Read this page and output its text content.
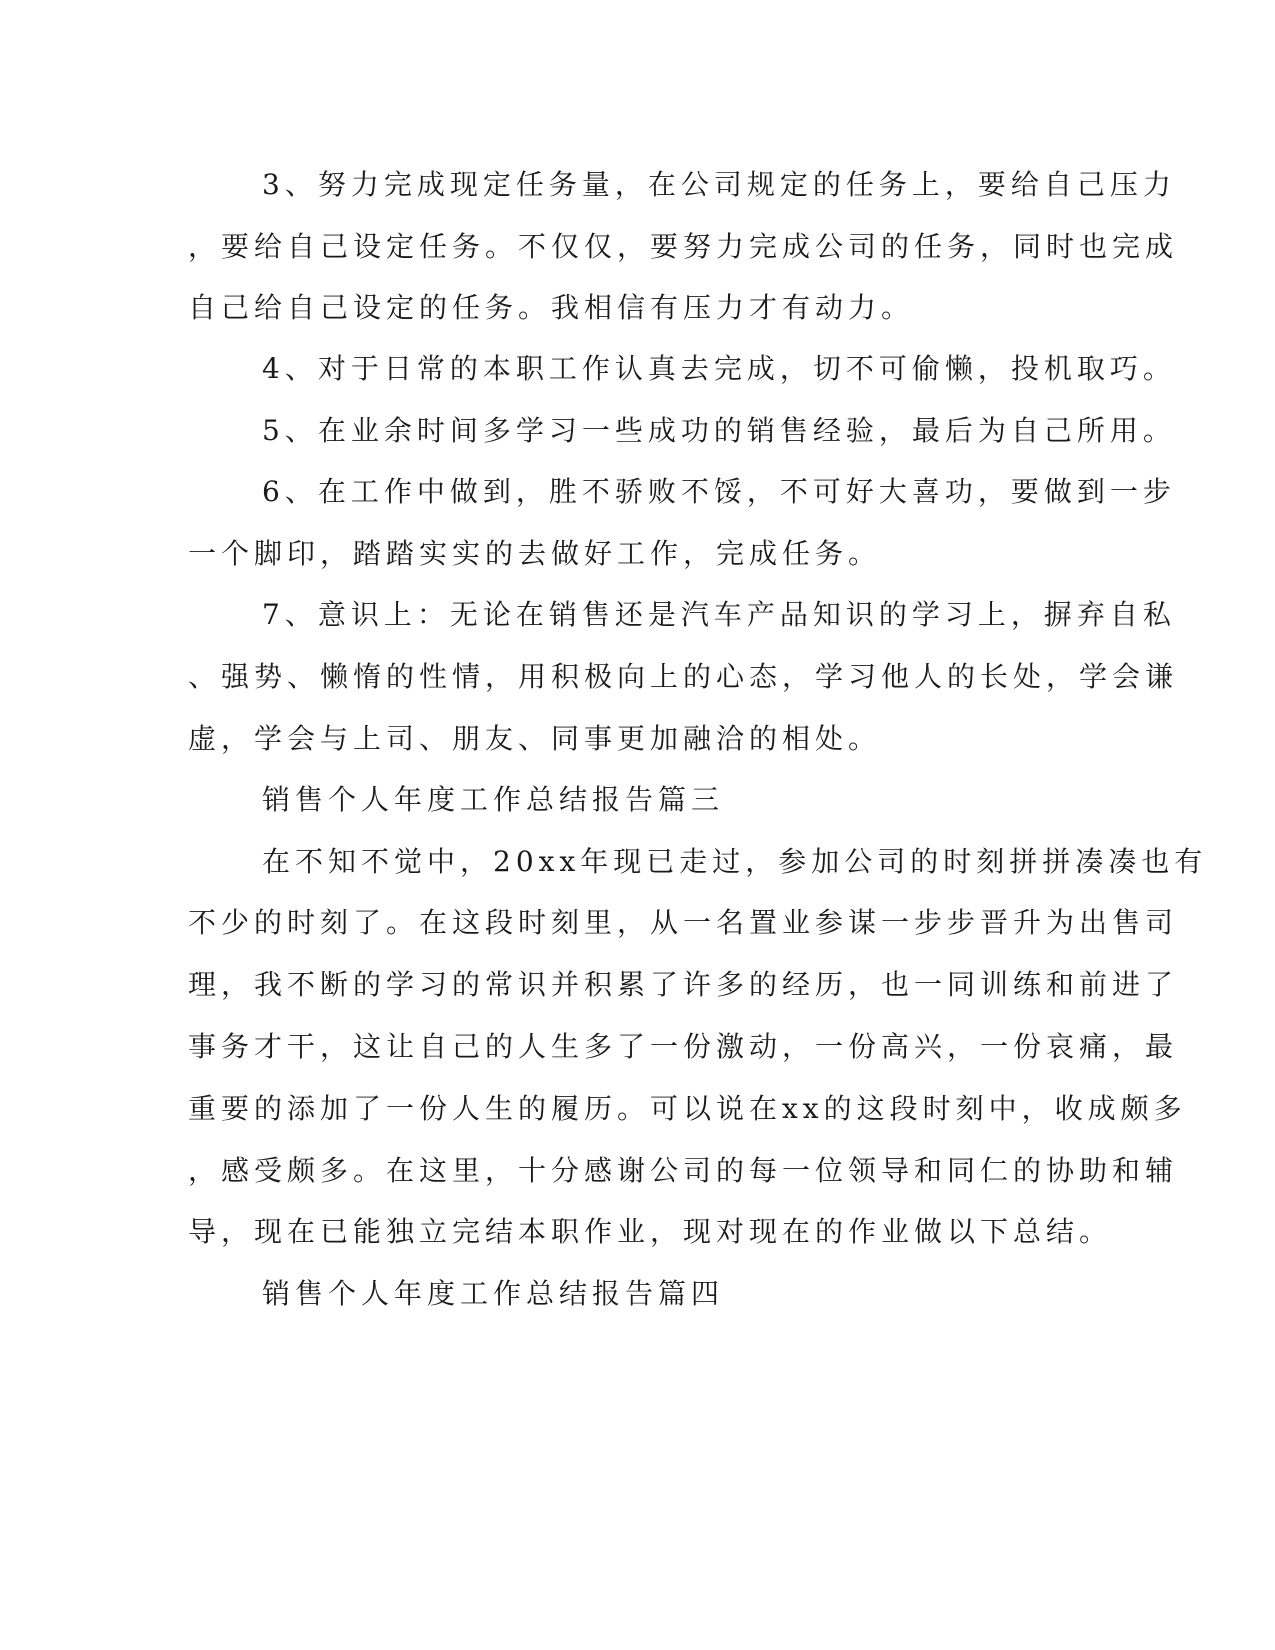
3、努力完成现定任务量，在公司规定的任务上，要给自己压力

，要给自己设定任务。不仅仅，要努力完成公司的任务，同时也完成

自己给自己设定的任务。我相信有压力才有动力。

4、对于日常的本职工作认真去完成，切不可偷懒，投机取巧。

5、在业余时间多学习一些成功的销售经验，最后为自己所用。

6、在工作中做到，胜不骄败不馁，不可好大喜功，要做到一步

一个脚印，踏踏实实的去做好工作，完成任务。

7、意识上：无论在销售还是汽车产品知识的学习上，摒弃自私

、强势、懒惰的性情，用积极向上的心态，学习他人的长处，学会谦

虚，学会与上司、朋友、同事更加融洽的相处。

销售个人年度工作总结报告篇三

在不知不觉中，20xx年现已走过，参加公司的时刻拼拼凑凑也有

不少的时刻了。在这段时刻里，从一名置业参谋一步步晋升为出售司

理，我不断的学习的常识并积累了许多的经历，也一同训练和前进了

事务才干，这让自己的人生多了一份激动，一份高兴，一份哀痛，最

重要的添加了一份人生的履历。可以说在xx的这段时刻中，收成颇多

，感受颇多。在这里，十分感谢公司的每一位领导和同仁的协助和辅

导，现在已能独立完结本职作业，现对现在的作业做以下总结。

销售个人年度工作总结报告篇四
